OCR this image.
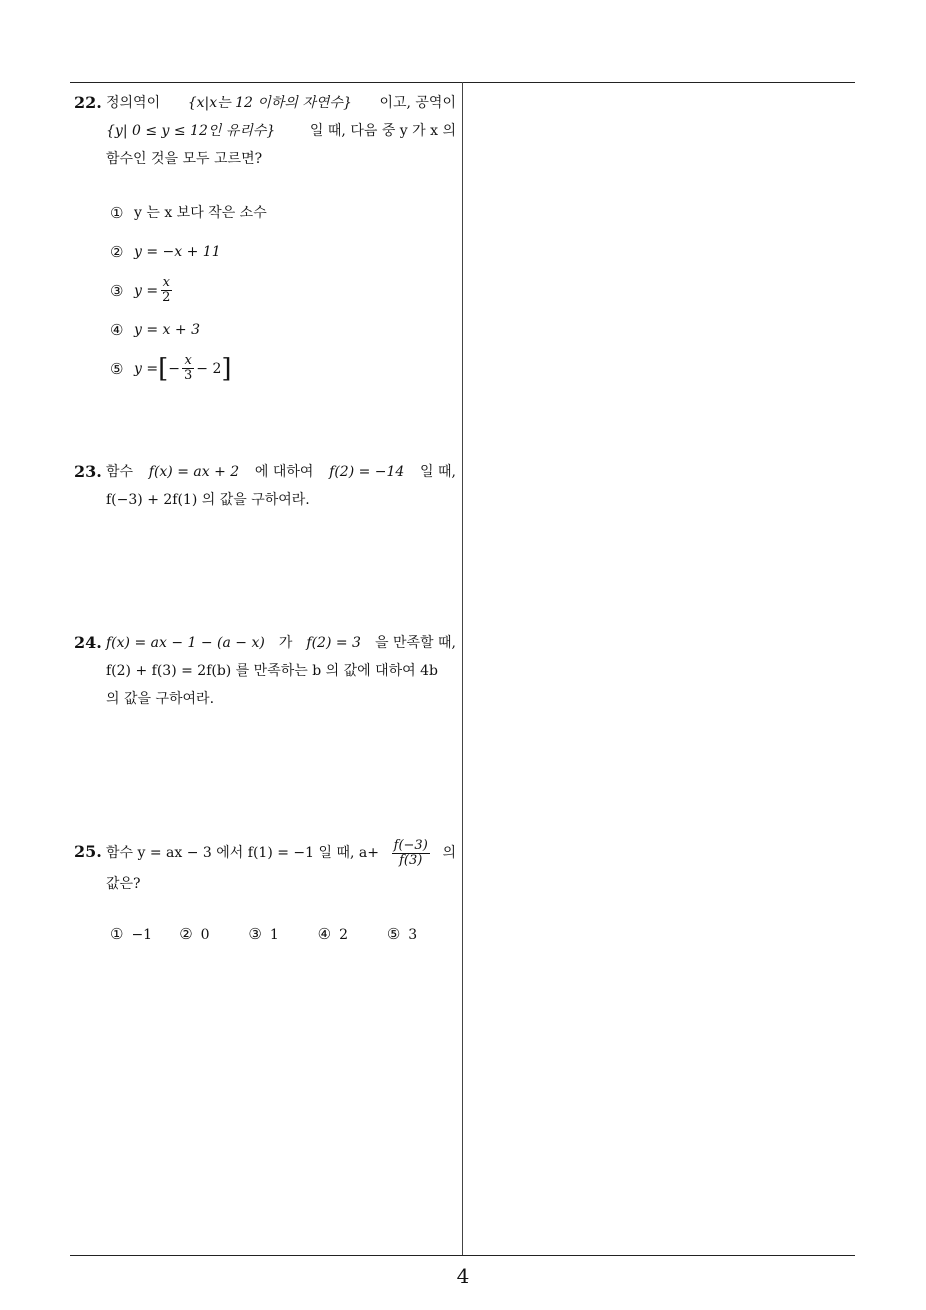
4
22. 정의역이 {x|x는 12 이하의 자연수} 이고, 공역이
{y| 0 ≤ y ≤ 12인 유리수} 일 때, 다음 중 y 가 x 의
함수인 것을 모두 고르면?
① y 는 x 보다 작은 소수
② y = −x + 11
③ $y = \frac{x}{2}$
④ y = x + 3
⑤ y = [ − $\frac{x}{3} - 2$ ]
23. 함수 f(x) = ax + 2 에 대하여 f(2) = −14 일 때,
f(−3) + 2f(1) 의 값을 구하여라.
24. f(x) = ax − 1 − (a − x) 가 f(2) = 3 을 만족할 때,
f(2) + f(3) = 2f(b) 를 만족하는 b 의 값에 대하여 4b
의 값을 구하여라.
25. 함수 y = ax − 3 에서 f(1) = −1 일 때, $a+ \frac{f(-3)}{f(3)}$ 의
값은?
① −1	② 0	③ 1	④ 2	⑤ 3
